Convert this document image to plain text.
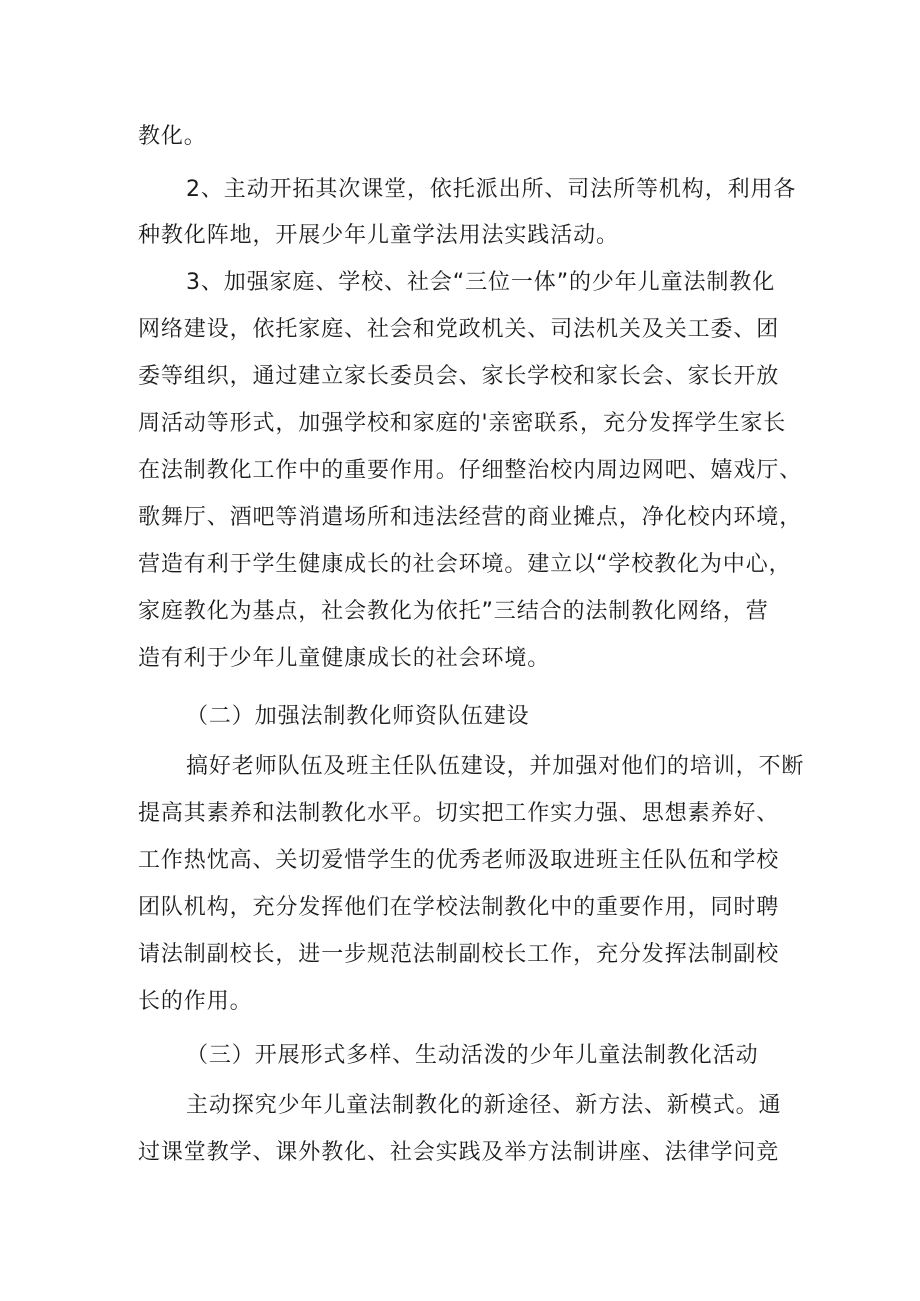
教化。
2、主动开拓其次课堂，依托派出所、司法所等机构，利用各
种教化阵地，开展少年儿童学法用法实践活动。
3、加强家庭、学校、社会“三位一体”的少年儿童法制教化
网络建设，依托家庭、社会和党政机关、司法机关及关工委、团
委等组织，通过建立家长委员会、家长学校和家长会、家长开放
周活动等形式，加强学校和家庭的'亲密联系，充分发挥学生家长
在法制教化工作中的重要作用。仔细整治校内周边网吧、嬉戏厅、
歌舞厅、酒吧等消遣场所和违法经营的商业摊点，净化校内环境，
营造有利于学生健康成长的社会环境。建立以“学校教化为中心，
家庭教化为基点，社会教化为依托”三结合的法制教化网络，营
造有利于少年儿童健康成长的社会环境。
（二）加强法制教化师资队伍建设
搞好老师队伍及班主任队伍建设，并加强对他们的培训，不断
提高其素养和法制教化水平。切实把工作实力强、思想素养好、
工作热忱高、关切爱惜学生的优秀老师汲取进班主任队伍和学校
团队机构，充分发挥他们在学校法制教化中的重要作用，同时聘
请法制副校长，进一步规范法制副校长工作，充分发挥法制副校
长的作用。
（三）开展形式多样、生动活泼的少年儿童法制教化活动
主动探究少年儿童法制教化的新途径、新方法、新模式。通
过课堂教学、课外教化、社会实践及举方法制讲座、法律学问竞
